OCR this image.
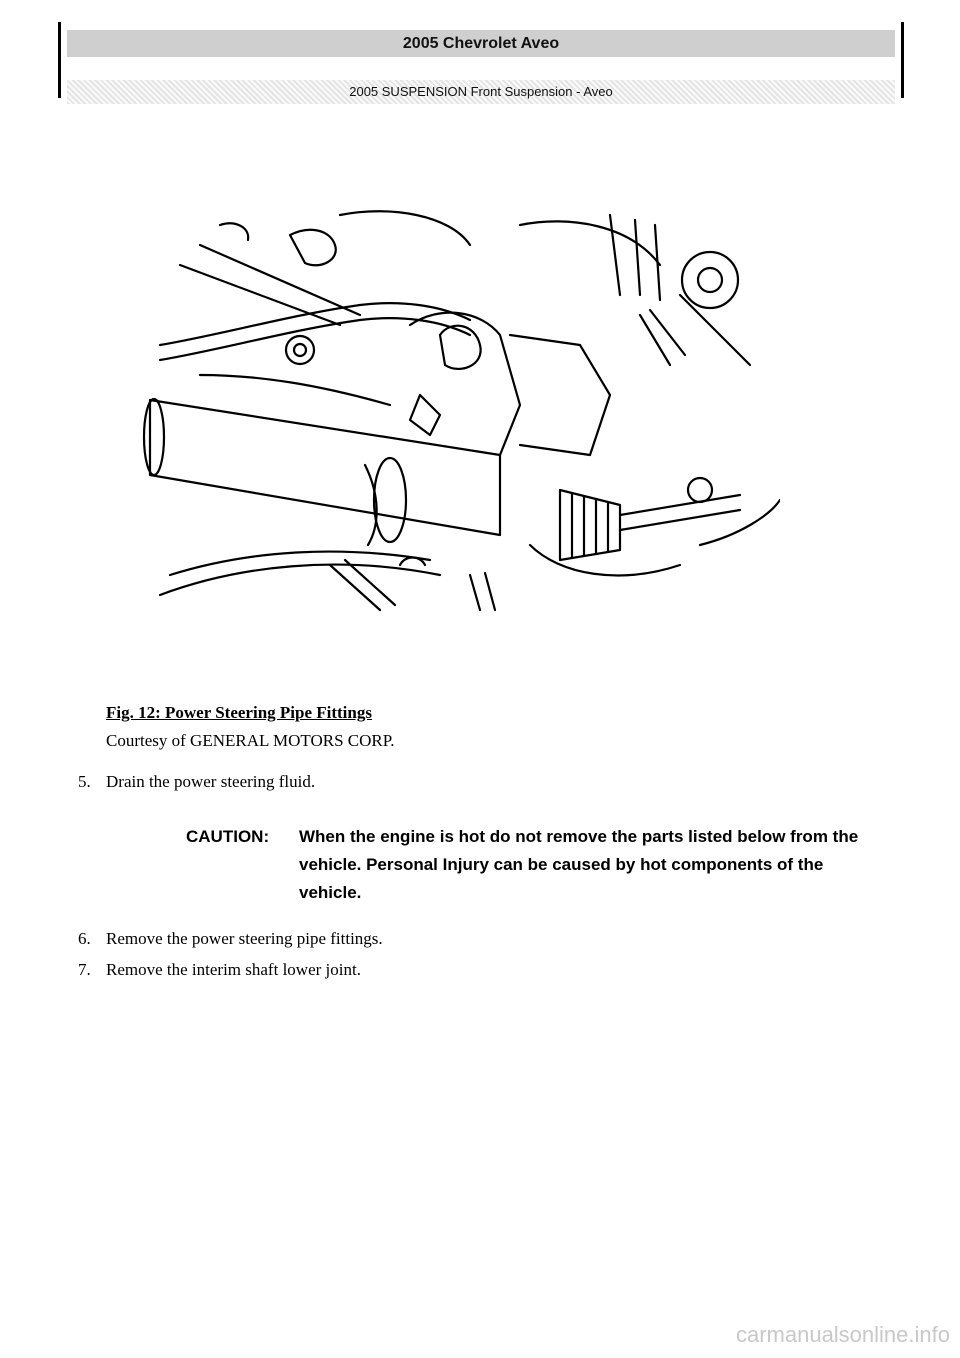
2005 Chevrolet Aveo
2005 SUSPENSION Front Suspension - Aveo
Fig. 12: Power Steering Pipe Fittings
Courtesy of GENERAL MOTORS CORP.
5. Drain the power steering fluid.
CAUTION: When the engine is hot do not remove the parts listed below from the vehicle. Personal Injury can be caused by hot components of the vehicle.
6. Remove the power steering pipe fittings.
7. Remove the interim shaft lower joint.
carmanualsonline.info
